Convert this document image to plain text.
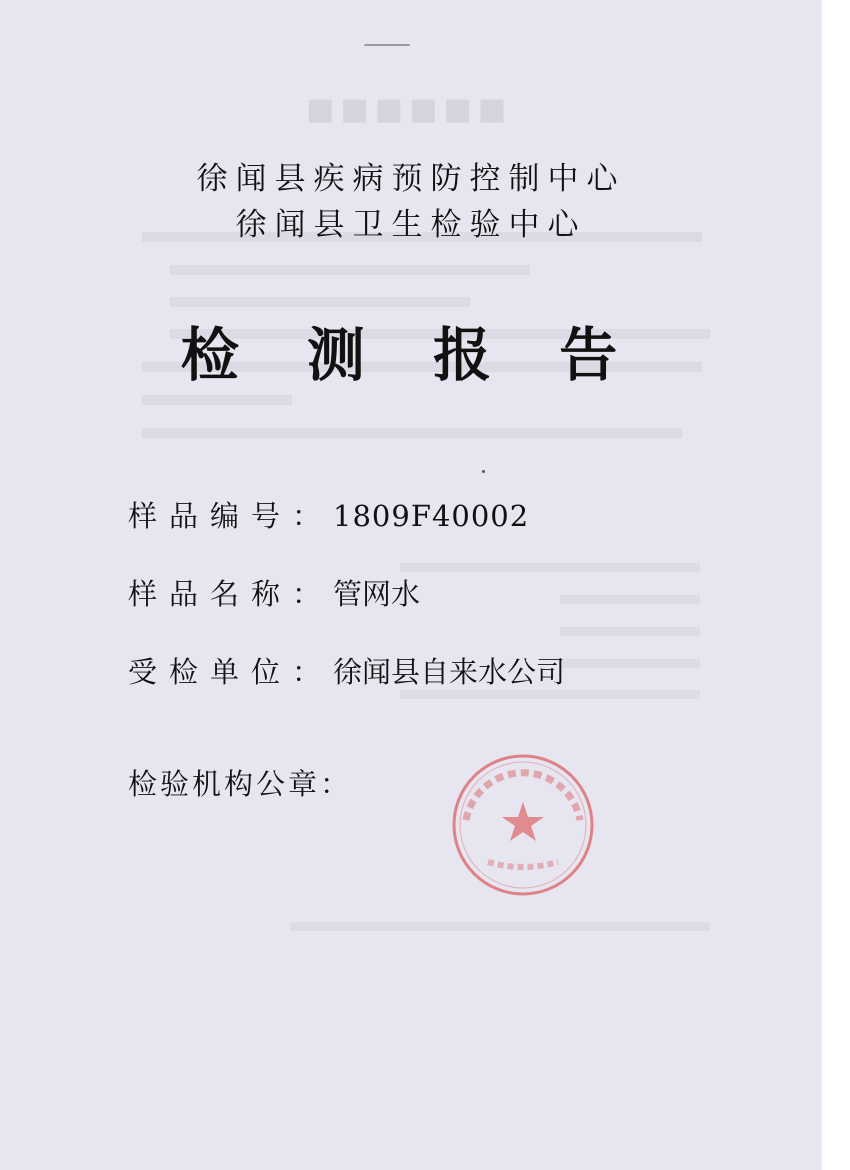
■■■■■■
徐闻县疾病预防控制中心
徐闻县卫生检验中心
检 测 报 告
样品编号：1809F40002
样品名称：管网水
受检单位：徐闻县自来水公司
检验机构公章：
